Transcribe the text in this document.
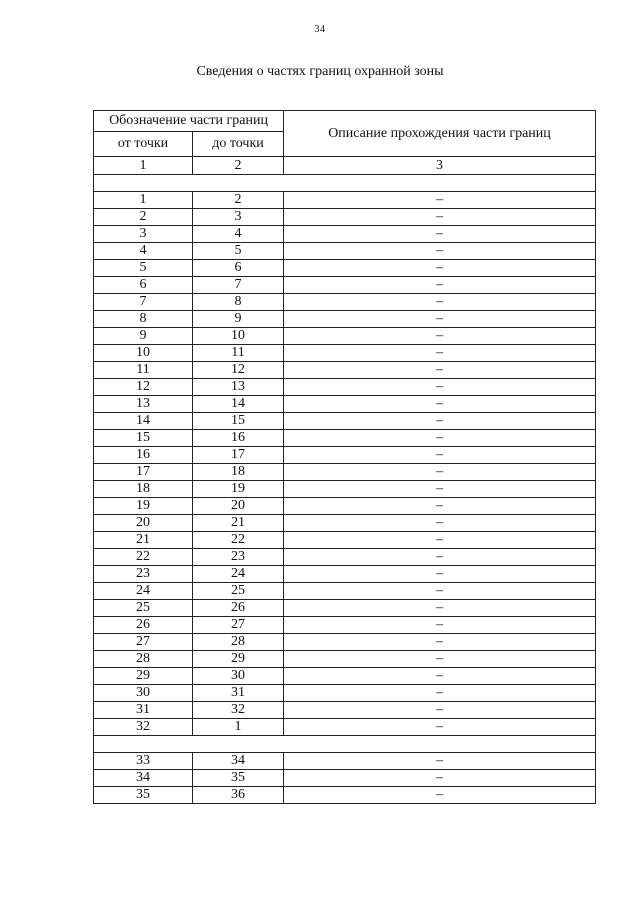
34
Сведения о частях границ охранной зоны
Обозначение части границ		Описание прохождения части границ
от точки	до точки	
1	2	3

1	2	–
2	3	–
3	4	–
4	5	–
5	6	–
6	7	–
7	8	–
8	9	–
9	10	–
10	11	–
11	12	–
12	13	–
13	14	–
14	15	–
15	16	–
16	17	–
17	18	–
18	19	–
19	20	–
20	21	–
21	22	–
22	23	–
23	24	–
24	25	–
25	26	–
26	27	–
27	28	–
28	29	–
29	30	–
30	31	–
31	32	–
32	1	–

33	34	–
34	35	–
35	36	–
